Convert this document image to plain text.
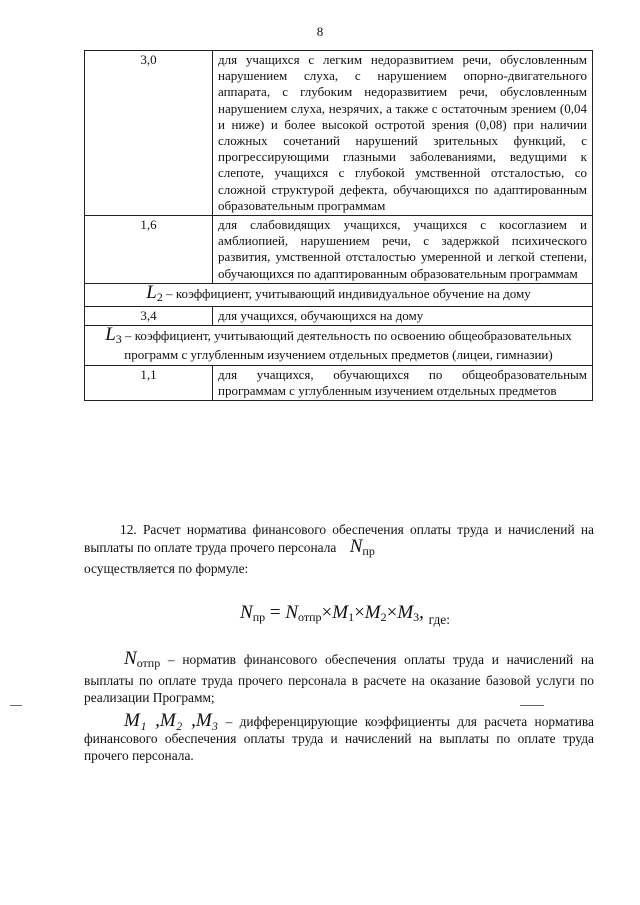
8
3,0	для учащихся с легким недоразвитием речи, обусловленным нарушением слуха, с нарушением опорно-двигательного аппарата, с глубоким недоразвитием речи, обусловленным нарушением слуха, незрячих, а также с остаточным зрением (0,04 и ниже) и более высокой остротой зрения (0,08) при наличии сложных сочетаний нарушений зрительных функций, с прогрессирующими глазными заболеваниями, ведущими к слепоте, учащихся с глубокой умственной отсталостью, со сложной структурой дефекта, обучающихся по адаптированным образовательным программам
1,6	для слабовидящих учащихся, учащихся с косоглазием и амблиопией, нарушением речи, с задержкой психического развития, умственной отсталостью умеренной и легкой степени, обучающихся по адаптированным образовательным программам
$L_2$ – коэффициент, учитывающий индивидуальное обучение на дому	
3,4	для учащихся, обучающихся на дому
$L_3$ – коэффициент, учитывающий деятельность по освоению общеобразовательных программ с углубленным изучением отдельных предметов (лицеи, гимназии)	
1,1	для учащихся, обучающихся по общеобразовательным программам с углубленным изучением отдельных предметов
12. Расчет норматива финансового обеспечения оплаты труда и начислений на выплаты по оплате труда прочего персонала $N_{пр}$
осуществляется по формуле:
$N_{пр} = N_{отпр}\times M_1\times M_2\times M_3$, $_{где:}$
$N_{отпр}$ – норматив финансового обеспечения оплаты труда и начислений на выплаты по оплате труда прочего персонала в расчете на оказание базовой услуги по реализации Программ;
M₁ ,M₂ ,M₃ – дифференцирующие коэффициенты для расчета норматива финансового обеспечения оплаты труда и начислений на выплаты по оплате труда прочего персонала.
